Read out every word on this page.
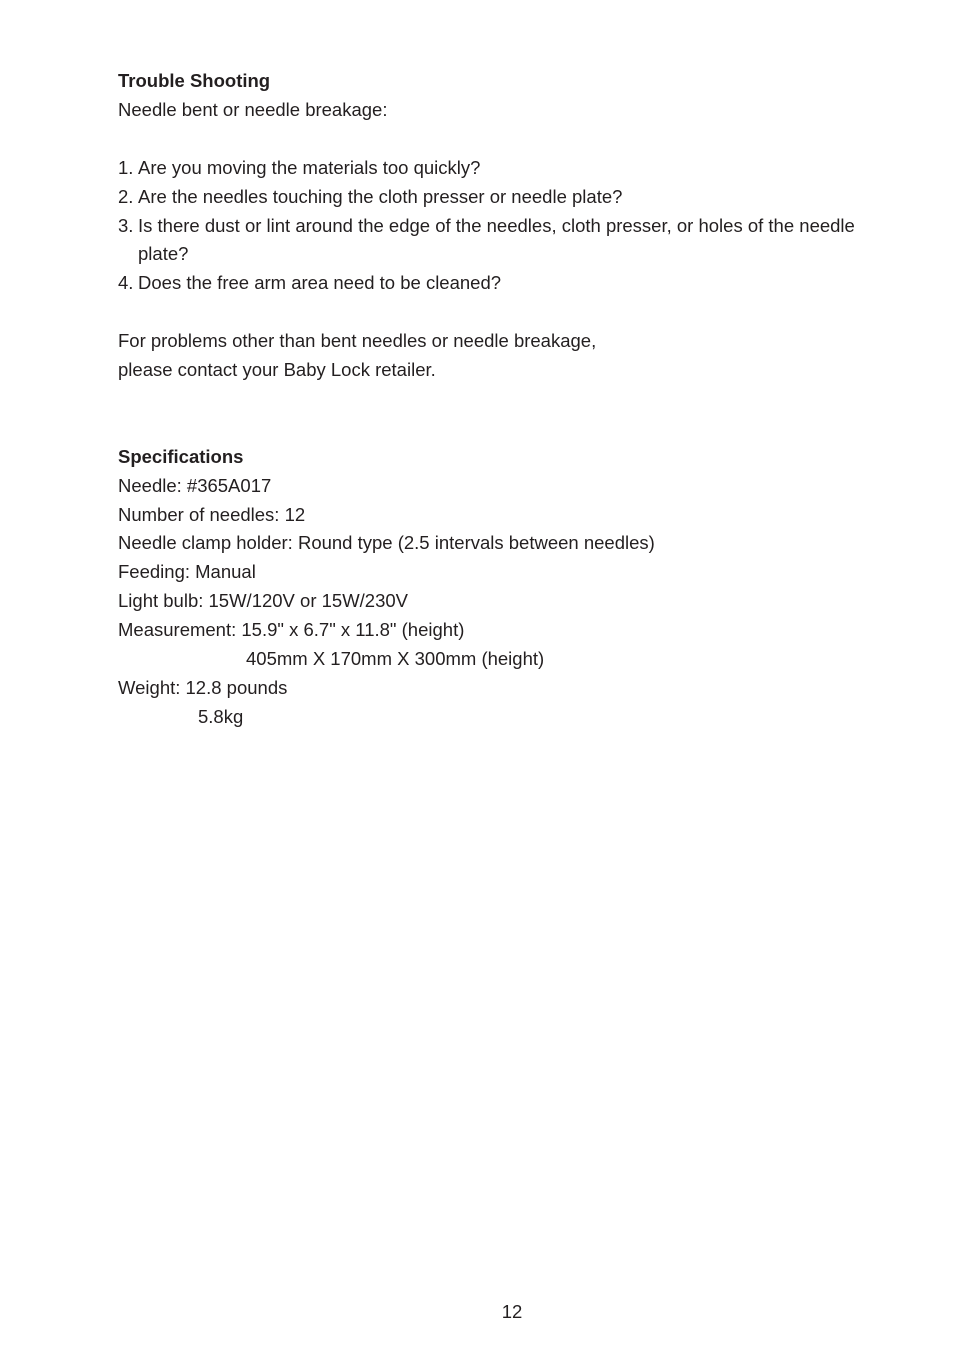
Trouble Shooting
Needle bent or needle breakage:
1. Are you moving the materials too quickly?
2. Are the needles touching the cloth presser or needle plate?
3. Is there dust or lint around the edge of the needles, cloth presser, or holes of the needle plate?
4. Does the free arm area need to be cleaned?
For problems other than bent needles or needle breakage,
please contact your Baby Lock retailer.
Specifications
Needle: #365A017
Number of needles: 12
Needle clamp holder: Round type (2.5 intervals between needles)
Feeding: Manual
Light bulb: 15W/120V or 15W/230V
Measurement: 15.9" x 6.7" x 11.8" (height)
405mm X 170mm X 300mm (height)
Weight: 12.8 pounds
5.8kg
12
